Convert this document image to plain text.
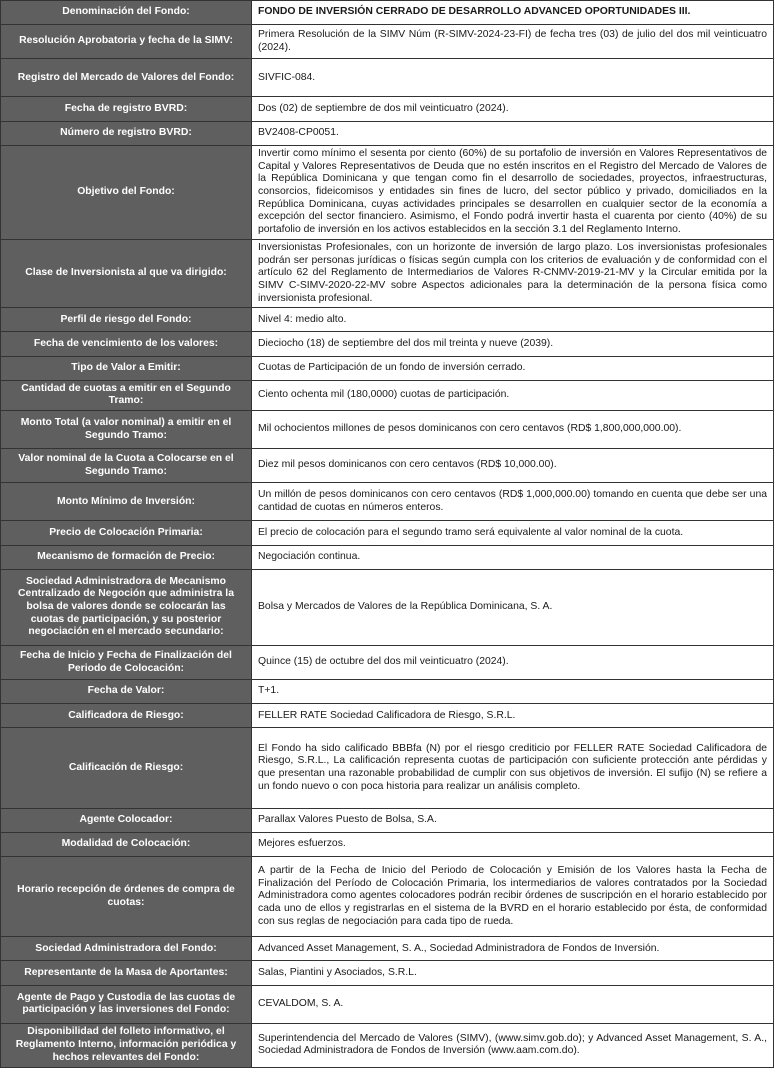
Denominación del Fondo:	FONDO DE INVERSIÓN CERRADO DE DESARROLLO ADVANCED OPORTUNIDADES III.
Resolución Aprobatoria y fecha de la SIMV:	Primera Resolución de la SIMV Núm (R-SIMV-2024-23-FI) de fecha tres (03) de julio del dos mil veinticuatro (2024).
Registro del Mercado de Valores del Fondo:	SIVFIC-084.
Fecha de registro BVRD:	Dos (02) de septiembre de dos mil veinticuatro (2024).
Número de registro BVRD:	BV2408-CP0051.
Objetivo del Fondo:	Invertir como mínimo el sesenta por ciento (60%) de su portafolio de inversión en Valores Representativos de Capital y Valores Representativos de Deuda que no estén inscritos en el Registro del Mercado de Valores de la República Dominicana y que tengan como fin el desarrollo de sociedades, proyectos, infraestructuras, consorcios, fideicomisos y entidades sin fines de lucro, del sector público y privado, domiciliados en la República Dominicana, cuyas actividades principales se desarrollen en cualquier sector de la economía a excepción del sector financiero. Asimismo, el Fondo podrá invertir hasta el cuarenta por ciento (40%) de su portafolio de inversión en los activos establecidos en la sección 3.1 del Reglamento Interno.
Clase de Inversionista al que va dirigido:	Inversionistas Profesionales, con un horizonte de inversión de largo plazo. Los inversionistas profesionales podrán ser personas jurídicas o físicas según cumpla con los criterios de evaluación y de conformidad con el artículo 62 del Reglamento de Intermediarios de Valores R-CNMV-2019-21-MV y la Circular emitida por la SIMV C-SIMV-2020-22-MV sobre Aspectos adicionales para la determinación de la persona física como inversionista profesional.
Perfil de riesgo del Fondo:	Nivel 4: medio alto.
Fecha de vencimiento de los valores:	Dieciocho (18) de septiembre del dos mil treinta y nueve (2039).
Tipo de Valor a Emitir:	Cuotas de Participación de un fondo de inversión cerrado.
Cantidad de cuotas a emitir en el Segundo Tramo:	Ciento ochenta mil (180,0000) cuotas de participación.
Monto Total (a valor nominal) a emitir en el Segundo Tramo:	Mil ochocientos millones de pesos dominicanos con cero centavos (RD$ 1,800,000,000.00).
Valor nominal de la Cuota a Colocarse en el Segundo Tramo:	Diez mil pesos dominicanos con cero centavos (RD$ 10,000.00).
Monto Mínimo de Inversión:	Un millón de pesos dominicanos con cero centavos (RD$ 1,000,000.00) tomando en cuenta que debe ser una cantidad de cuotas en números enteros.
Precio de Colocación Primaria:	El precio de colocación para el segundo tramo será equivalente al valor nominal de la cuota.
Mecanismo de formación de Precio:	Negociación continua.
Sociedad Administradora de Mecanismo Centralizado de Negoción que administra la bolsa de valores donde se colocarán las cuotas de participación, y su posterior negociación en el mercado secundario:	Bolsa y Mercados de Valores de la República Dominicana, S. A.
Fecha de Inicio y Fecha de Finalización del Periodo de Colocación:	Quince (15) de octubre del dos mil veinticuatro (2024).
Fecha de Valor:	T+1.
Calificadora de Riesgo:	FELLER RATE Sociedad Calificadora de Riesgo, S.R.L.
Calificación de Riesgo:	El Fondo ha sido calificado BBBfa (N) por el riesgo crediticio por FELLER RATE Sociedad Calificadora de Riesgo, S.R.L., La calificación representa cuotas de participación con suficiente protección ante pérdidas y que presentan una razonable probabilidad de cumplir con sus objetivos de inversión. El sufijo (N) se refiere a un fondo nuevo o con poca historia para realizar un análisis completo.
Agente Colocador:	Parallax Valores Puesto de Bolsa, S.A.
Modalidad de Colocación:	Mejores esfuerzos.
Horario recepción de órdenes de compra de cuotas:	A partir de la Fecha de Inicio del Periodo de Colocación y Emisión de los Valores hasta la Fecha de Finalización del Período de Colocación Primaria, los intermediarios de valores contratados por la Sociedad Administradora como agentes colocadores podrán recibir órdenes de suscripción en el horario establecido por cada uno de ellos y registrarlas en el sistema de la BVRD en el horario establecido por ésta, de conformidad con sus reglas de negociación para cada tipo de rueda.
Sociedad Administradora del Fondo:	Advanced Asset Management, S. A., Sociedad Administradora de Fondos de Inversión.
Representante de la Masa de Aportantes:	Salas, Piantini y Asociados, S.R.L.
Agente de Pago y Custodia de las cuotas de participación y las inversiones del Fondo:	CEVALDOM, S. A.
Disponibilidad del folleto informativo, el Reglamento Interno, información periódica y hechos relevantes del Fondo:	Superintendencia del Mercado de Valores (SIMV), (www.simv.gob.do); y Advanced Asset Management, S. A., Sociedad Administradora de Fondos de Inversión (www.aam.com.do).
